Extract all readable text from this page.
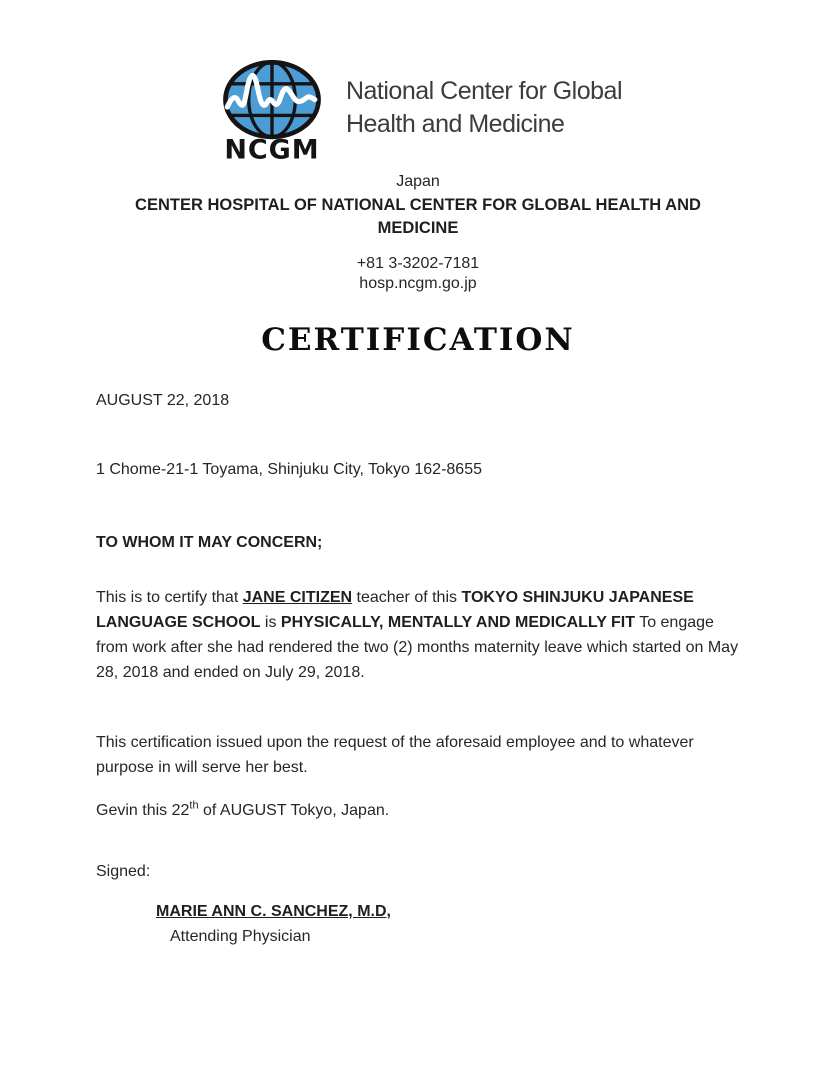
NCGM
National Center for Global
Health and Medicine
Japan
CENTER HOSPITAL OF NATIONAL CENTER FOR GLOBAL HEALTH AND MEDICINE
+81 3-3202-7181
hosp.ncgm.go.jp
CERTIFICATION
AUGUST 22, 2018
1 Chome-21-1 Toyama, Shinjuku City, Tokyo 162-8655
TO WHOM IT MAY CONCERN;
This is to certify that JANE CITIZEN teacher of this TOKYO SHINJUKU JAPANESE LANGUAGE SCHOOL is PHYSICALLY, MENTALLY AND MEDICALLY FIT To engage from work after she had rendered the two (2) months maternity leave which started on May 28, 2018 and ended on July 29, 2018.
This certification issued upon the request of the aforesaid employee and to whatever purpose in will serve her best.
Gevin this 22th of AUGUST Tokyo, Japan.
Signed:
MARIE ANN C. SANCHEZ, M.D,
Attending Physician
